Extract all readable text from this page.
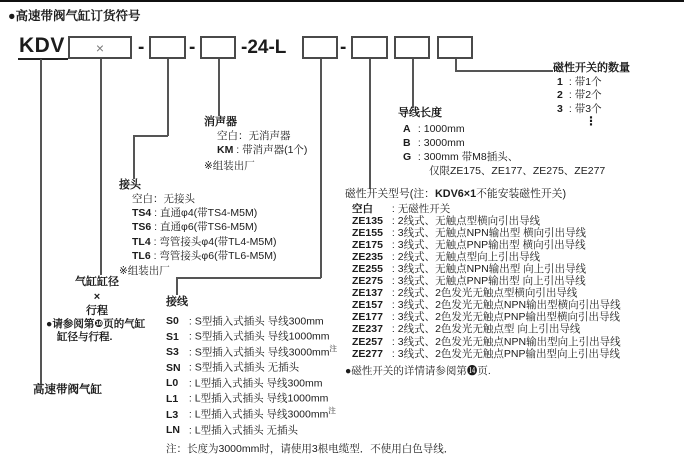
●高速带阀气缸订货符号
KDV × - - -24-L	-
磁性开关的数量
1 : 带1个
2 : 带2个
3 : 带3个
⋮
导线长度
A : 1000mm
B : 3000mm
G : 300mm 带M8插头、
仅限ZE175、ZE177、ZE275、ZE277
磁性开关型号(注：KDV6×1不能安装磁性开关)
空白 : 无磁性开关
ZE135 : 2线式、无触点型横向引出导线
ZE155 : 3线式、无触点NPN输出型 横向引出导线
ZE175 : 3线式、无触点PNP输出型 横向引出导线
ZE235 : 2线式、无触点型向上引出导线
ZE255 : 3线式、无触点NPN输出型 向上引出导线
ZE275 : 3线式、无触点PNP输出型 向上引出导线
ZE137 : 2线式、2色发光无触点型横向引出导线
ZE157 : 3线式、2色发光无触点NPN输出型横向引出导线
ZE177 : 3线式、2色发光无触点PNP输出型横向引出导线
ZE237 : 2线式、2色发光无触点型 向上引出导线
ZE257 : 3线式、2色发光无触点NPN输出型向上引出导线
ZE277 : 3线式、2色发光无触点PNP输出型向上引出导线
●磁性开关的详情请参阅第⓮页.
消声器
空白：无消声器
KM : 带消声器(1个)
※组装出厂
接头
空白：无接头
TS4 : 直通φ4(带TS4-M5M)
TS6 : 直通φ6(带TS6-M5M)
TL4 : 弯管接头φ4(带TL4-M5M)
TL6 : 弯管接头φ6(带TL6-M5M)
※组装出厂
接线
S0 : S型插入式插头 导线300mm
S1 : S型插入式插头 导线1000mm
S3 : S型插入式插头 导线$3000mm^注$
SN : S型插入式插头 无插头
L0 : L型插入式插头 导线300mm
L1 : L型插入式插头 导线1000mm
L3 : L型插入式插头 导线$3000mm^注$
LN : L型插入式插头 无插头
注：长度为3000mm时，请使用3根电缆型．不使用白色导线．
气缸缸径
×
行程
●请参阅第❿页的气缸
缸径与行程.
高速带阀气缸
